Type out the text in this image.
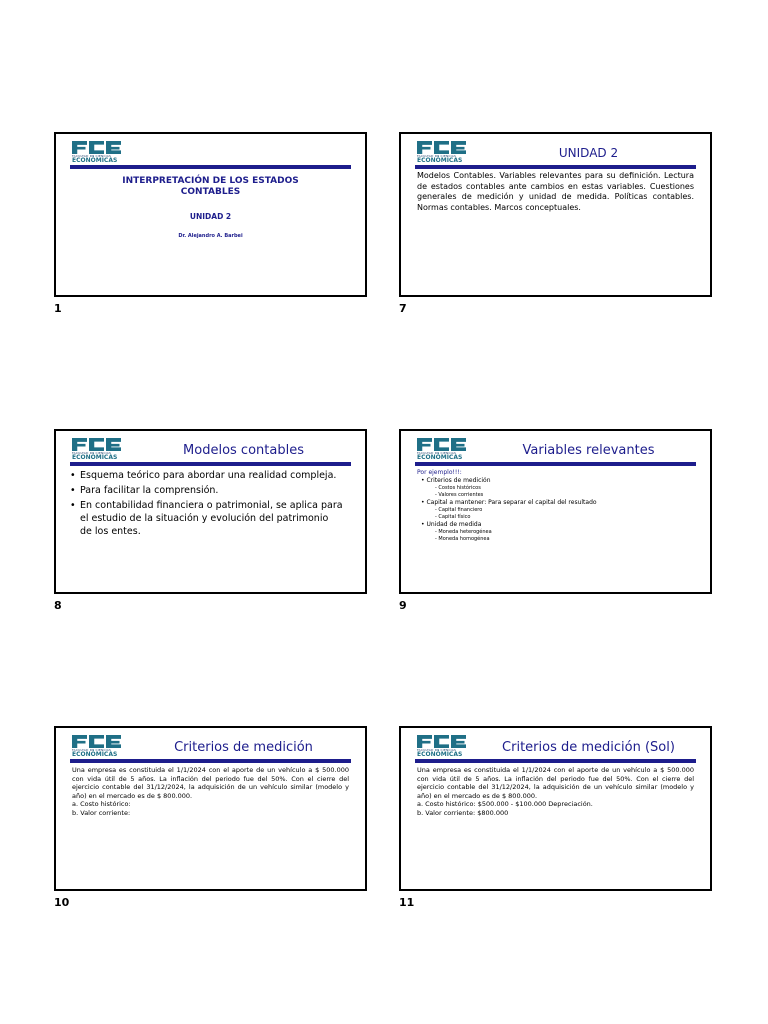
FACULTAD DE CIENCIAS
ECONÓMICAS
INTERPRETACIÓN DE LOS ESTADOS
CONTABLES
UNIDAD 2
Dr. Alejandro A. Barbei
1
FACULTAD DE CIENCIAS
ECONÓMICAS
UNIDAD 2
Modelos Contables. Variables relevantes para su definición. Lectura de estados contables ante cambios en estas variables. Cuestiones generales de medición y unidad de medida. Políticas contables. Normas contables. Marcos conceptuales.
7
FACULTAD DE CIENCIAS
ECONÓMICAS	Modelos contables
• Esquema teórico para abordar una realidad compleja.
• Para facilitar la comprensión.
• En contabilidad financiera o patrimonial, se aplica para el estudio de la situación y evolución del patrimonio de los entes.
8
FACULTAD DE CIENCIAS
ECONÓMICAS	Variables relevantes
Por ejemplo!!!:
• Criterios de medición
- Costos históricos
- Valores corrientes
• Capital a mantener: Para separar el capital del resultado
- Capital financiero
- Capital físico
• Unidad de medida
- Moneda heterogénea
- Moneda homogénea
9
FACULTAD DE CIENCIAS
ECONÓMICAS	Criterios de medición
Una empresa es constituida el 1/1/2024 con el aporte de un vehículo a $ 500.000 con vida útil de 5 años. La inflación del periodo fue del 50%. Con el cierre del ejercicio contable del 31/12/2024, la adquisición de un vehículo similar (modelo y año) en el mercado es de $ 800.000.
a. Costo histórico:
b. Valor corriente:
10
FACULTAD DE CIENCIAS
ECONÓMICAS	Criterios de medición (Sol)
Una empresa es constituida el 1/1/2024 con el aporte de un vehículo a $ 500.000 con vida útil de 5 años. La inflación del periodo fue del 50%. Con el cierre del ejercicio contable del 31/12/2024, la adquisición de un vehículo similar (modelo y año) en el mercado es de $ 800.000.
a. Costo histórico: $500.000 - $100.000 Depreciación.
b. Valor corriente: $800.000
11
